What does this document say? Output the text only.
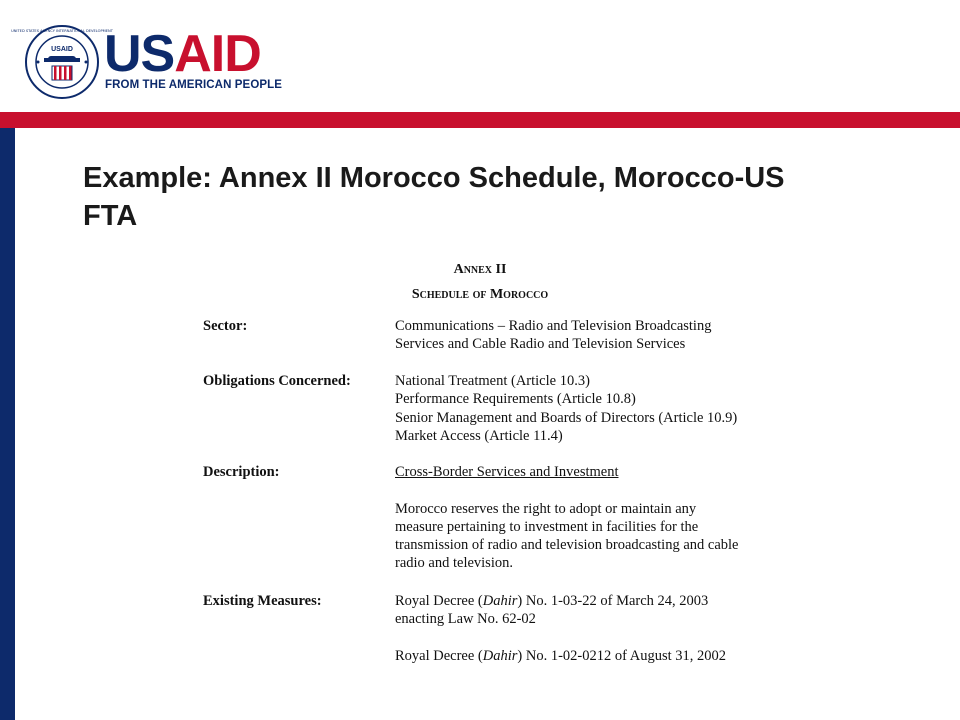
UNITED STATES AGENCY INTERNATIONAL DEVELOPMENT
USAID USAID
FROM THE AMERICAN PEOPLE
Example: Annex II Morocco Schedule, Morocco-US
FTA
Annex II
Schedule of Morocco
Sector:	Communications – Radio and Television Broadcasting
Services and Cable Radio and Television Services
Obligations Concerned:	National Treatment (Article 10.3)
Performance Requirements (Article 10.8)
Senior Management and Boards of Directors (Article 10.9)
Market Access (Article 11.4)
Description:	Cross-Border Services and Investment
Morocco reserves the right to adopt or maintain any
measure pertaining to investment in facilities for the
transmission of radio and television broadcasting and cable
radio and television.
Existing Measures:	Royal Decree (Dahir) No. 1-03-22 of March 24, 2003
enacting Law No. 62-02
Royal Decree (Dahir) No. 1-02-0212 of August 31, 2002
